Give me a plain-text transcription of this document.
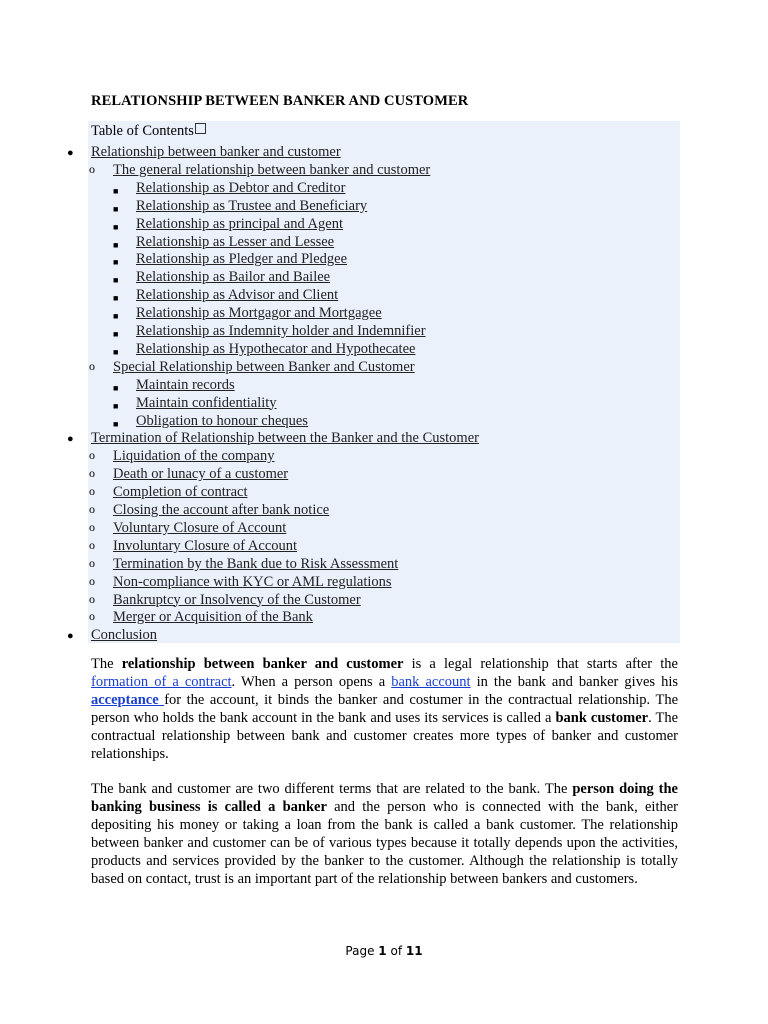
RELATIONSHIP BETWEEN BANKER AND CUSTOMER
Table of Contents
● Relationship between banker and customer
o The general relationship between banker and customer
■ Relationship as Debtor and Creditor
■ Relationship as Trustee and Beneficiary
■ Relationship as principal and Agent
■ Relationship as Lesser and Lessee
■ Relationship as Pledger and Pledgee
■ Relationship as Bailor and Bailee
■ Relationship as Advisor and Client
■ Relationship as Mortgagor and Mortgagee
■ Relationship as Indemnity holder and Indemnifier
■ Relationship as Hypothecator and Hypothecatee
o Special Relationship between Banker and Customer
■ Maintain records
■ Maintain confidentiality
■ Obligation to honour cheques
● Termination of Relationship between the Banker and the Customer
o Liquidation of the company
o Death or lunacy of a customer
o Completion of contract
o Closing the account after bank notice
o Voluntary Closure of Account
o Involuntary Closure of Account
o Termination by the Bank due to Risk Assessment
o Non-compliance with KYC or AML regulations
o Bankruptcy or Insolvency of the Customer
o Merger or Acquisition of the Bank
● Conclusion
The relationship between banker and customer is a legal relationship that starts after the formation of a contract. When a person opens a bank account in the bank and banker gives his acceptance for the account, it binds the banker and costumer in the contractual relationship. The person who holds the bank account in the bank and uses its services is called a bank customer. The contractual relationship between bank and customer creates more types of banker and customer relationships.
The bank and customer are two different terms that are related to the bank. The person doing the banking business is called a banker and the person who is connected with the bank, either depositing his money or taking a loan from the bank is called a bank customer. The relationship between banker and customer can be of various types because it totally depends upon the activities, products and services provided by the banker to the customer. Although the relationship is totally based on contact, trust is an important part of the relationship between bankers and customers.
Page 1 of 11
